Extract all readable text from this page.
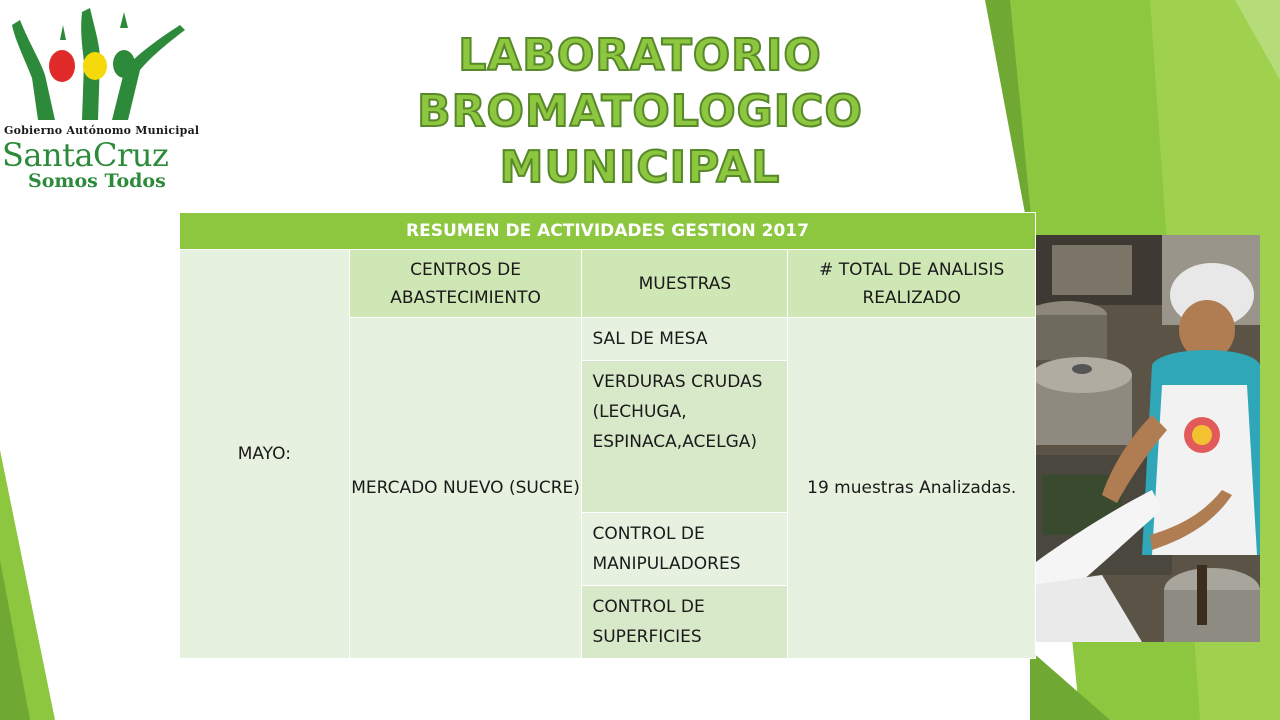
Gobierno Autónomo Municipal
SantaCruz
Somos Todos
LABORATORIO BROMATOLOGICO
MUNICIPAL
RESUMEN DE ACTIVIDADES GESTION 2017			
MAYO:	CENTROS DE ABASTECIMIENTO	MUESTRAS	# TOTAL DE ANALISIS REALIZADO
	MERCADO NUEVO (SUCRE)	SAL DE MESA	19 muestras Analizadas.
		VERDURAS CRUDAS (LECHUGA, ESPINACA,ACELGA)	
		CONTROL DE MANIPULADORES	
		CONTROL DE SUPERFICIES	
